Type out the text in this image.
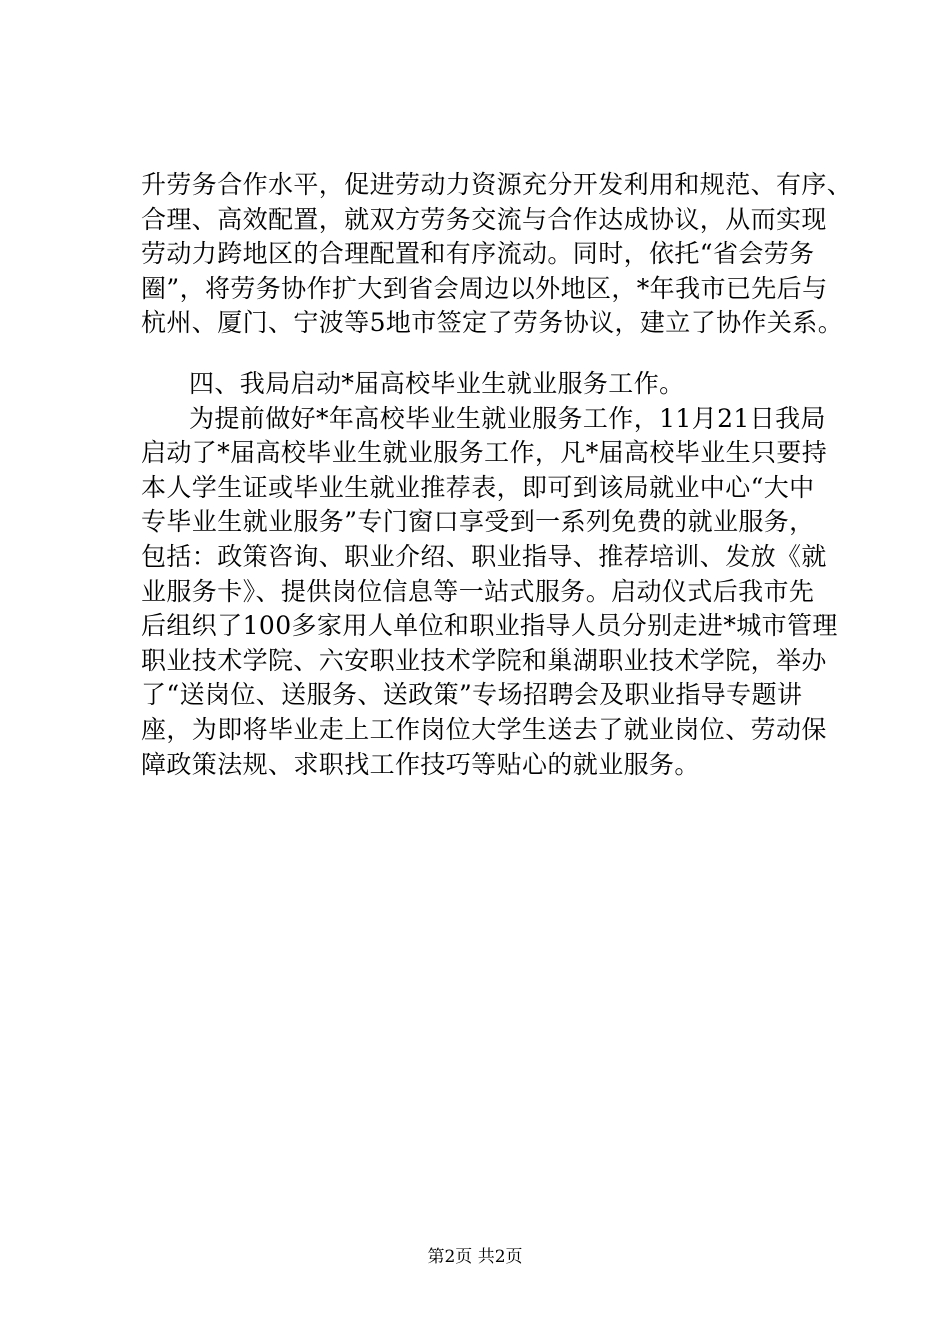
升劳务合作水平，促进劳动力资源充分开发利用和规范、有序、
合理、高效配置，就双方劳务交流与合作达成协议，从而实现
劳动力跨地区的合理配置和有序流动。同时，依托“省会劳务
圈”，将劳务协作扩大到省会周边以外地区，*年我市已先后与
杭州、厦门、宁波等5地市签定了劳务协议，建立了协作关系。
四、我局启动*届高校毕业生就业服务工作。
为提前做好*年高校毕业生就业服务工作，11月21日我局
启动了*届高校毕业生就业服务工作，凡*届高校毕业生只要持
本人学生证或毕业生就业推荐表，即可到该局就业中心“大中
专毕业生就业服务”专门窗口享受到一系列免费的就业服务，
包括：政策咨询、职业介绍、职业指导、推荐培训、发放《就
业服务卡》、提供岗位信息等一站式服务。启动仪式后我市先
后组织了100多家用人单位和职业指导人员分别走进*城市管理
职业技术学院、六安职业技术学院和巢湖职业技术学院，举办
了“送岗位、送服务、送政策”专场招聘会及职业指导专题讲
座，为即将毕业走上工作岗位大学生送去了就业岗位、劳动保
障政策法规、求职找工作技巧等贴心的就业服务。
第2页 共2页
